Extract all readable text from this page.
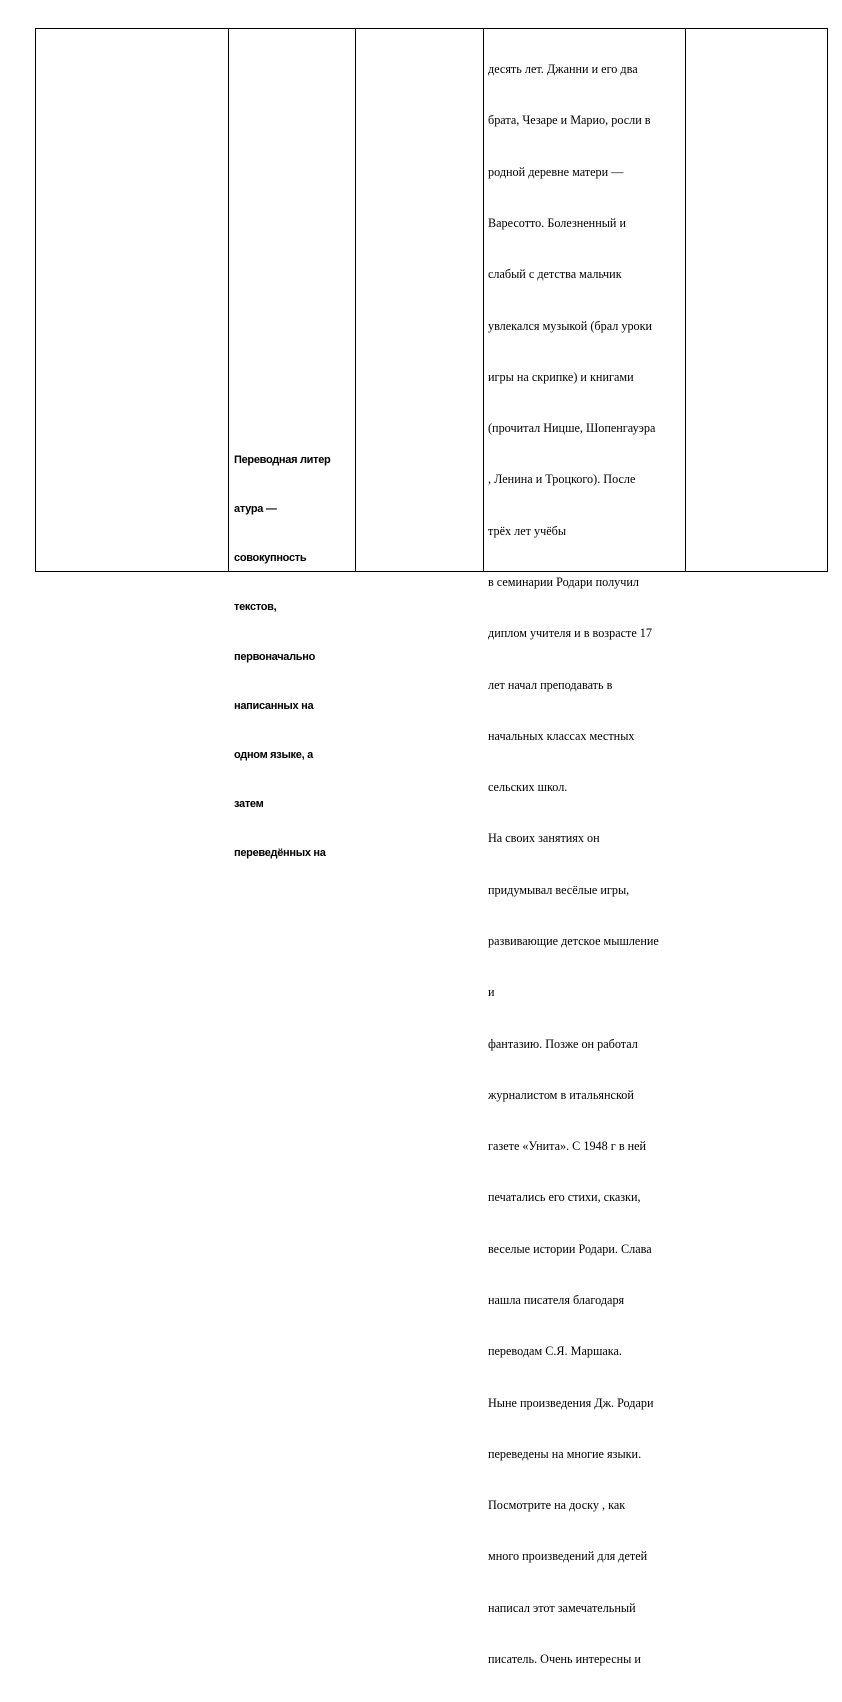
Переводная литер

атура —

совокупность

текстов,

первоначально

написанных на

одном языке, а

затем

переведённых на

десять лет. Джанни и его два

брата, Чезаре и Марио, росли в

родной деревне матери —

Варесотто. Болезненный и

слабый с детства мальчик

увлекался музыкой (брал уроки

игры на скрипке) и книгами

(прочитал Ницше, Шопенгауэра

, Ленина и Троцкого). После

трёх лет учёбы

в семинарии Родари получил

диплом учителя и в возрасте 17

лет начал преподавать в

начальных классах местных

сельских школ.

На своих занятиях он

придумывал весёлые игры,

развивающие детское мышление

и

фантазию. Позже он работал

журналистом в итальянской

газете «Унита». С 1948 г в ней

печатались его стихи, сказки,

веселые истории Родари. Слава

нашла писателя благодаря

переводам С.Я. Маршака.

Ныне произведения Дж. Родари

переведены на многие языки.

Посмотрите на доску , как

много произведений для детей

написал этот замечательный

писатель. Очень интересны и
